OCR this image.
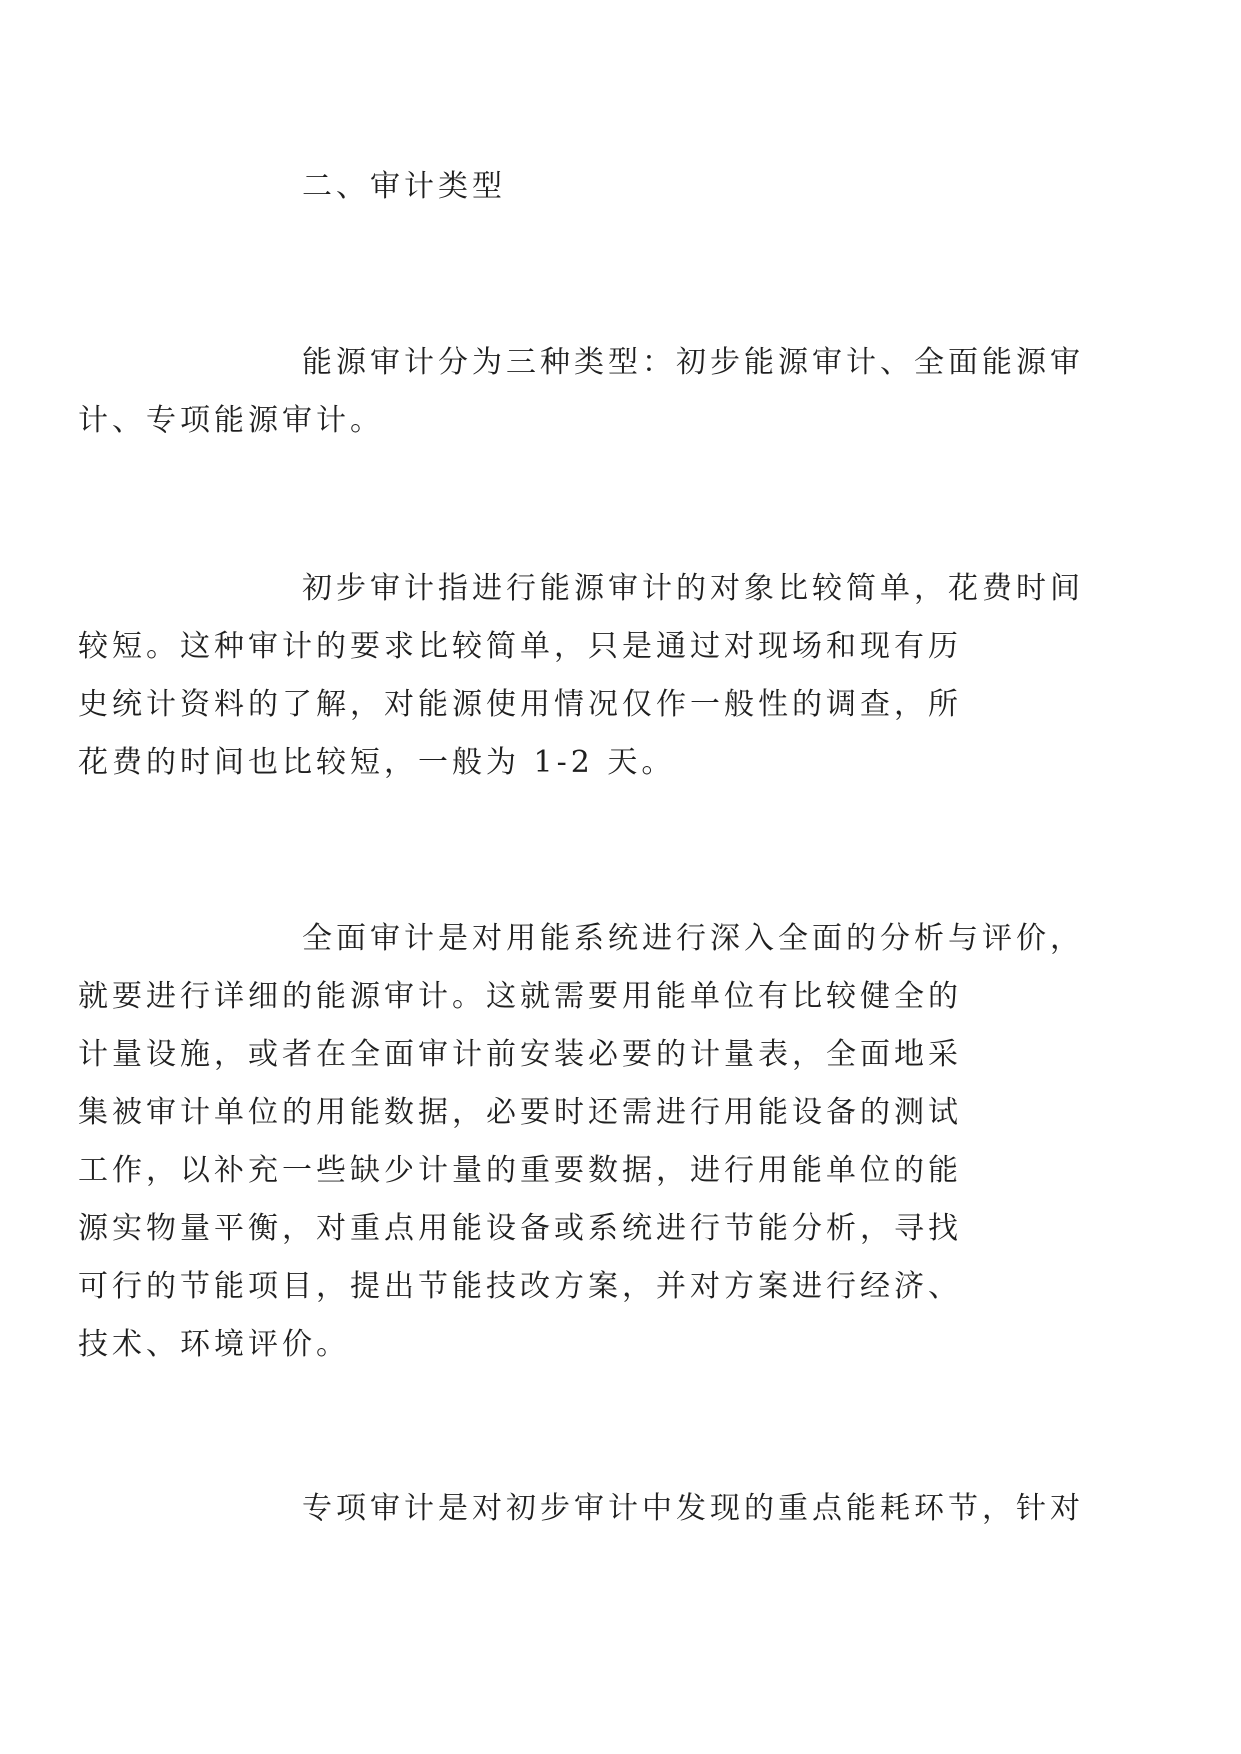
二、审计类型

能源审计分为三种类型：初步能源审计、全面能源审
计、专项能源审计。

初步审计指进行能源审计的对象比较简单，花费时间
较短。这种审计的要求比较简单，只是通过对现场和现有历
史统计资料的了解，对能源使用情况仅作一般性的调查，所
花费的时间也比较短，一般为 1-2 天。

全面审计是对用能系统进行深入全面的分析与评价，
就要进行详细的能源审计。这就需要用能单位有比较健全的
计量设施，或者在全面审计前安装必要的计量表，全面地采
集被审计单位的用能数据，必要时还需进行用能设备的测试
工作，以补充一些缺少计量的重要数据，进行用能单位的能
源实物量平衡，对重点用能设备或系统进行节能分析，寻找
可行的节能项目，提出节能技改方案，并对方案进行经济、
技术、环境评价。

专项审计是对初步审计中发现的重点能耗环节，针对
